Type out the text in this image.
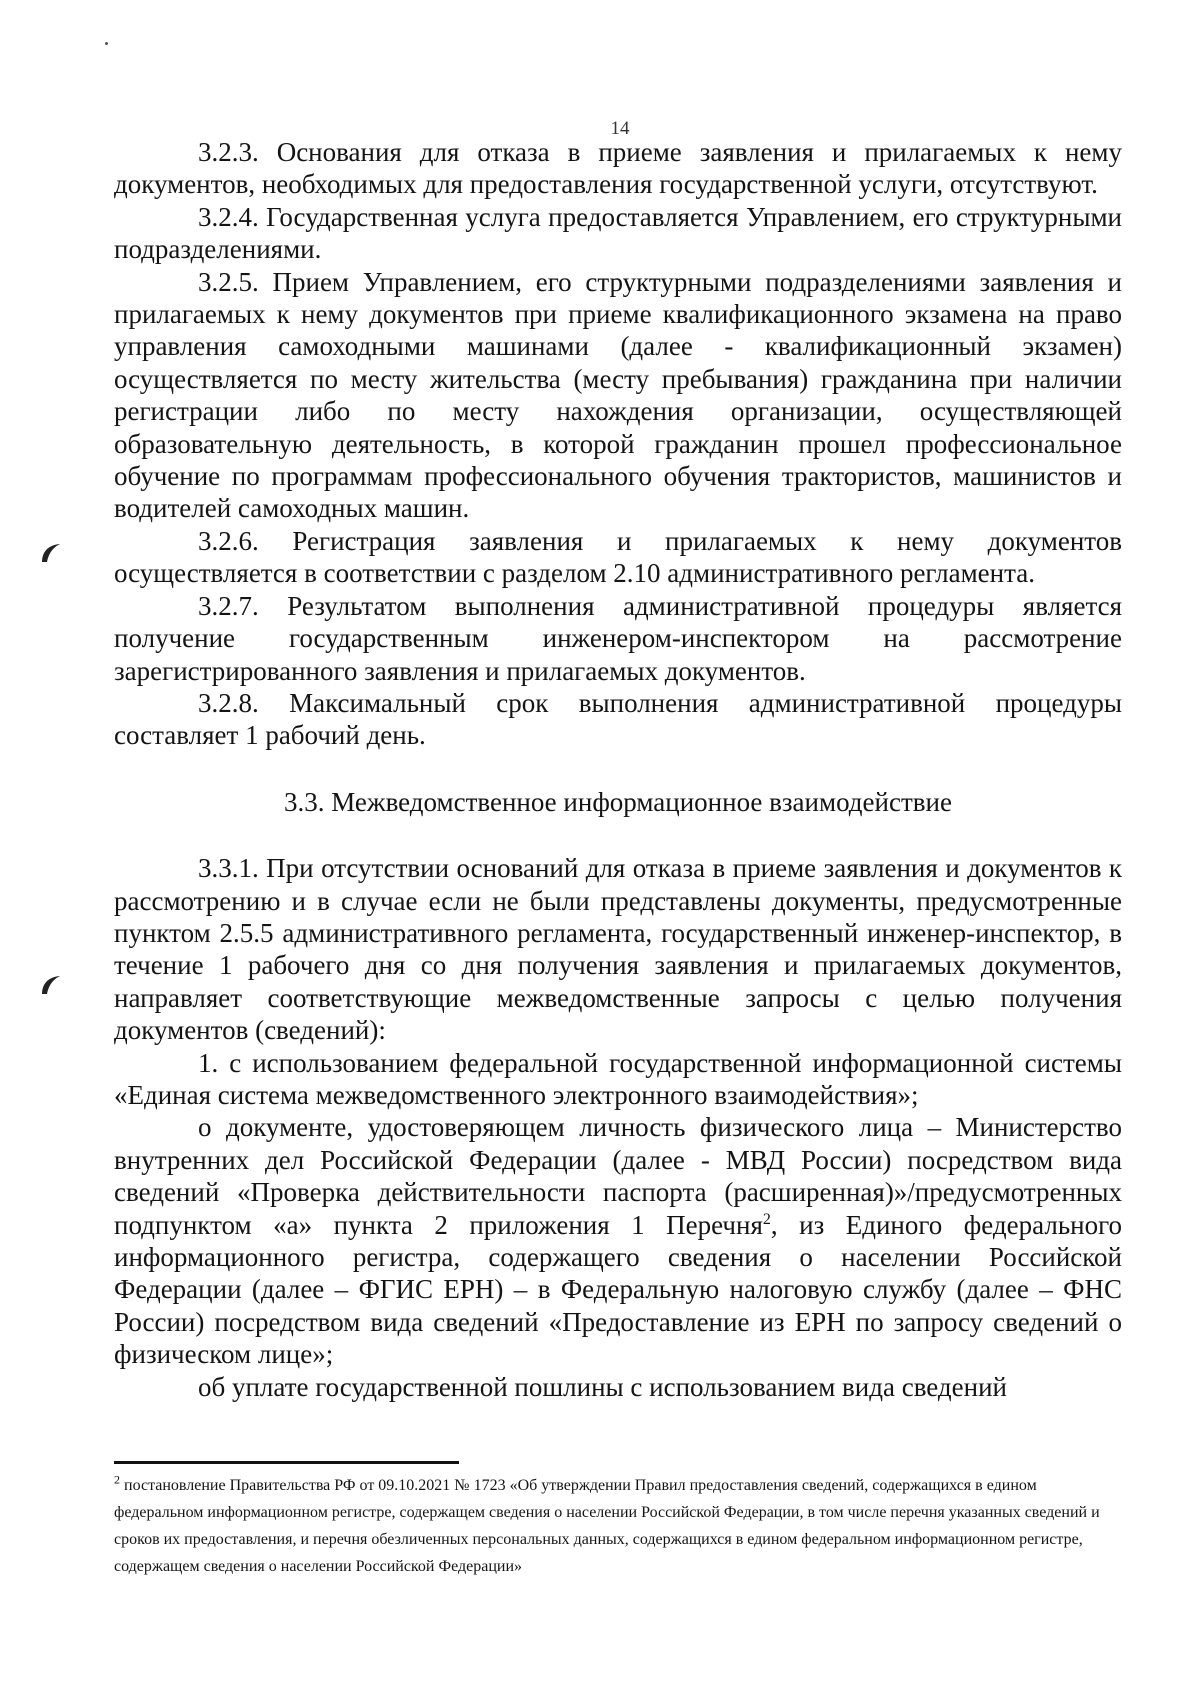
14

3.2.3. Основания для отказа в приеме заявления и прилагаемых к нему документов, необходимых для предоставления государственной услуги, отсутствуют.

3.2.4. Государственная услуга предоставляется Управлением, его структурными подразделениями.

3.2.5. Прием Управлением, его структурными подразделениями заявления и прилагаемых к нему документов при приеме квалификационного экзамена на право управления самоходными машинами (далее - квалификационный экзамен) осуществляется по месту жительства (месту пребывания) гражданина при наличии регистрации либо по месту нахождения организации, осуществляющей образовательную деятельность, в которой гражданин прошел профессиональное обучение по программам профессионального обучения трактористов, машинистов и водителей самоходных машин.

3.2.6. Регистрация заявления и прилагаемых к нему документов осуществляется в соответствии с разделом 2.10 административного регламента.

3.2.7. Результатом выполнения административной процедуры является получение государственным инженером-инспектором на рассмотрение зарегистрированного заявления и прилагаемых документов.

3.2.8. Максимальный срок выполнения административной процедуры составляет 1 рабочий день.

3.3. Межведомственное информационное взаимодействие

3.3.1. При отсутствии оснований для отказа в приеме заявления и документов к рассмотрению и в случае если не были представлены документы, предусмотренные пунктом 2.5.5 административного регламента, государственный инженер-инспектор, в течение 1 рабочего дня со дня получения заявления и прилагаемых документов, направляет соответствующие межведомственные запросы с целью получения документов (сведений):

1. с использованием федеральной государственной информационной системы «Единая система межведомственного электронного взаимодействия»;

о документе, удостоверяющем личность физического лица – Министерство внутренних дел Российской Федерации (далее - МВД России) посредством вида сведений «Проверка действительности паспорта (расширенная)»/предусмотренных подпунктом «а» пункта 2 приложения 1 Перечня$^2$, из Единого федерального информационного регистра, содержащего сведения о населении Российской Федерации (далее – ФГИС ЕРН) – в Федеральную налоговую службу (далее – ФНС России) посредством вида сведений «Предоставление из ЕРН по запросу сведений о физическом лице»;

об уплате государственной пошлины с использованием вида сведений

$^2$ постановление Правительства РФ от 09.10.2021 № 1723 «Об утверждении Правил предоставления сведений, содержащихся в едином федеральном информационном регистре, содержащем сведения о населении Российской Федерации, в том числе перечня указанных сведений и сроков их предоставления, и перечня обезличенных персональных данных, содержащихся в едином федеральном информационном регистре, содержащем сведения о населении Российской Федерации»
